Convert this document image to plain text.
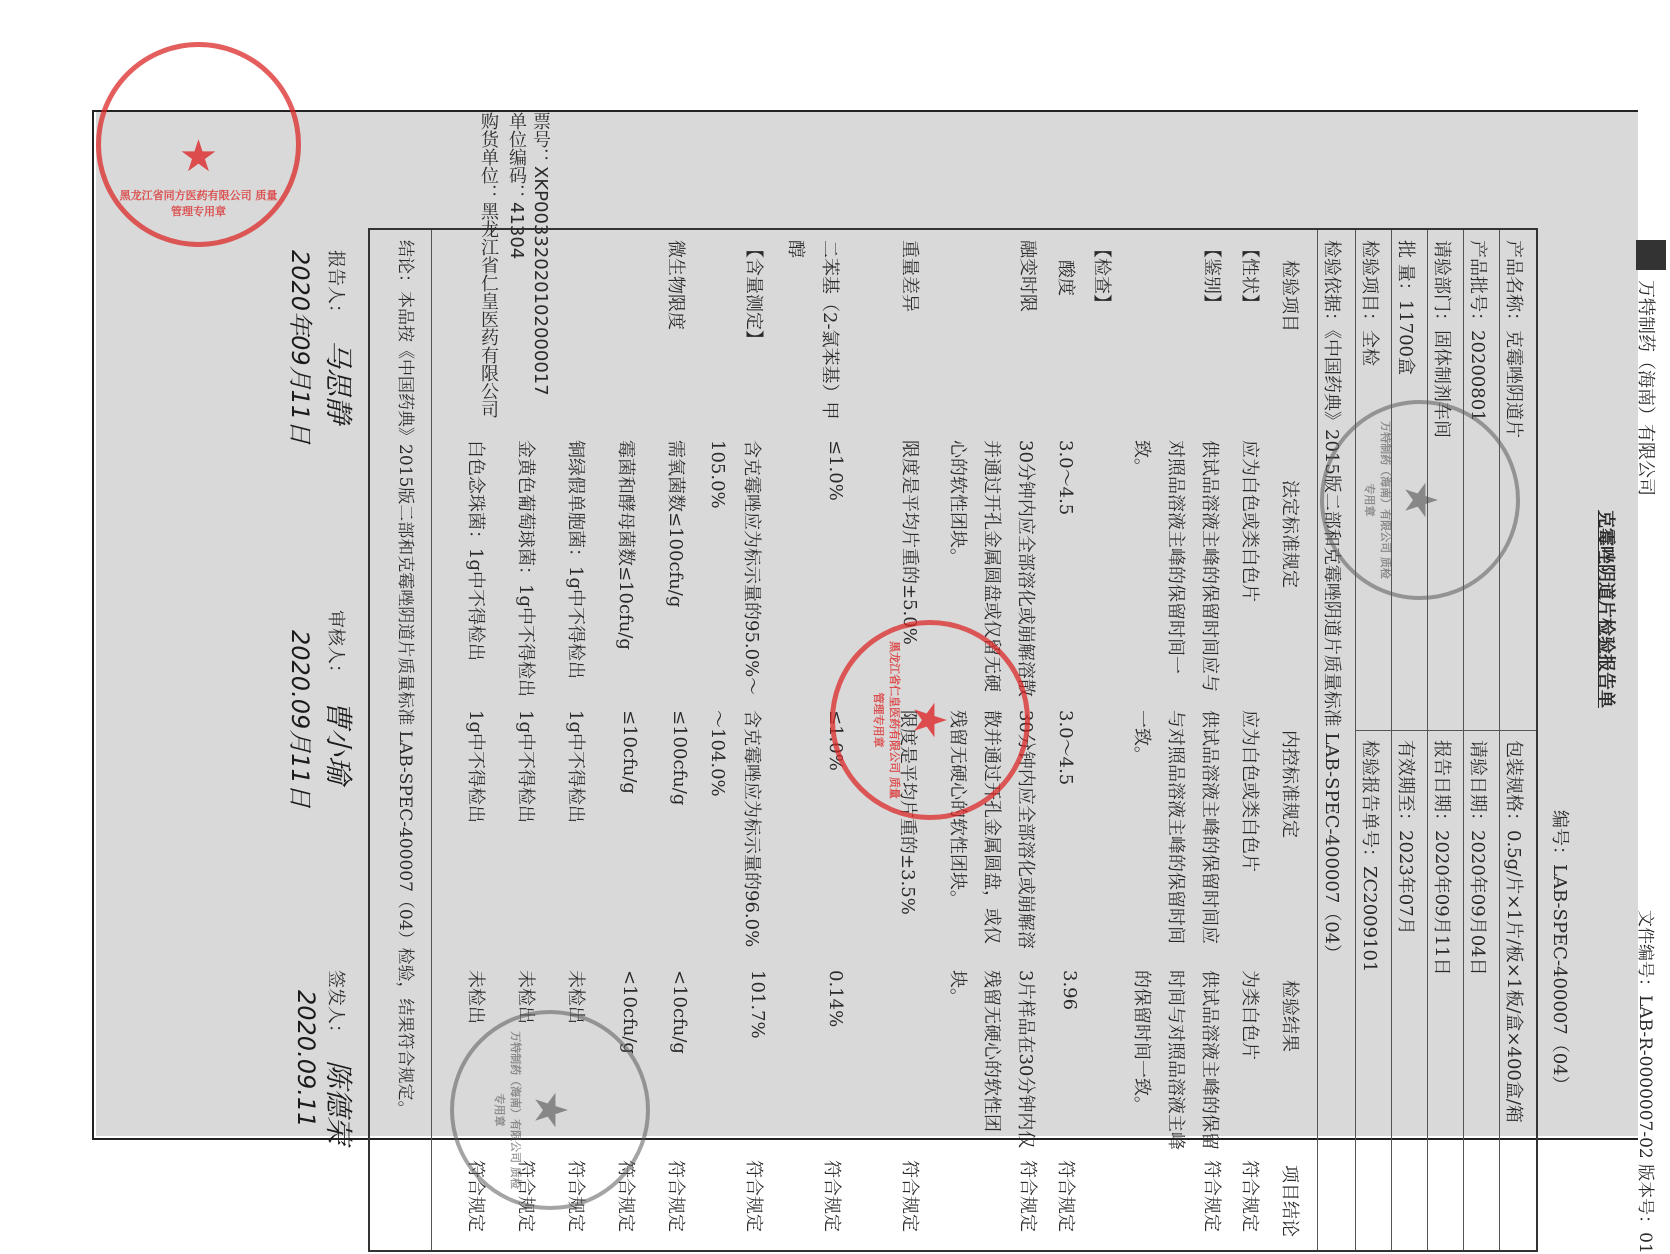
★
黑龙江省同方医药有限公司 质量管理专用章
万特制药（海南）有限公司
文件编号：LAB-R-0000007-02 版本号：01
克霉唑阴道片检验报告单
编号：LAB-SPEC-400007（04）
产品名称：克霉唑阴道片
包装规格：0.5g/片×1片/板×1板/盒×400盒/箱
产品批号：20200801
请验日期：2020年09月04日
请验部门：固体制剂车间
报告日期：2020年09月11日
批 量：11700盒
有效期至：2023年07月
检验项目：全检
检验报告单号：ZC2009101
检验依据：《中国药典》2015版二部和克霉唑阴道片质量标准 LAB-SPEC-400007（04）
检验项目
法定标准规定
内控标准规定
检验结果
项目结论
【性状】
应为白色或类白色片
应为白色或类白色片
为类白色片
符合规定
【鉴别】
供试品溶液主峰的保留时间应与对照品溶液主峰的保留时间一致。
供试品溶液主峰的保留时间应与对照品溶液主峰的保留时间一致。
供试品溶液主峰的保留时间与对照品溶液主峰的保留时间一致。
符合规定
【检查】
酸度
3.0～4.5
3.0～4.5
3.96
符合规定
融变时限
30分钟内应全部溶化或崩解溶散并通过开孔金属圆盘或仅留无硬心的软性团块。
30分钟内应全部溶化或崩解溶散并通过开孔金属圆盘，或仅残留无硬心的软性团块。
3片样品在30分钟内仅残留无硬心的软性团块。
符合规定
重量差异
限度是平均片重的±5.0%
限度是平均片重的±3.5%
符合规定
二苯基（2-氯苯基）甲醇
≤1.0%
≤1.0%
0.14%
符合规定
【含量测定】
含克霉唑应为标示量的95.0%～105.0%
含克霉唑应为标示量的96.0%～104.0%
101.7%
符合规定
微生物限度
需氧菌数≤100cfu/g
≤100cfu/g
<10cfu/g
符合规定
霉菌和酵母菌数≤10cfu/g
≤10cfu/g
<10cfu/g
符合规定
铜绿假单胞菌：1g中不得检出
1g中不得检出
未检出
符合规定
金黄色葡萄球菌：1g中不得检出
1g中不得检出
未检出
符合规定
白色念珠菌：1g中不得检出
1g中不得检出
未检出
符合规定
结论：本品按《中国药典》2015版二部和克霉唑阴道片质量标准 LAB-SPEC-400007（04）检验，结果符合规定。
报告人：
马思静
2020年09月11日
审核人：
曹小瑜
2020.09月11日
签发人：
陈德荣
2020.09.11
★
万特制药（海南）有限公司 质检专用章
★
黑龙江省仁皇医药有限公司 质量管理专用章
★
万特制药（海南）有限公司 质检专用章
购货单位：黑龙江省仁皇医药有限公司
单位编码：41304 票号：XKP00332020102000017
